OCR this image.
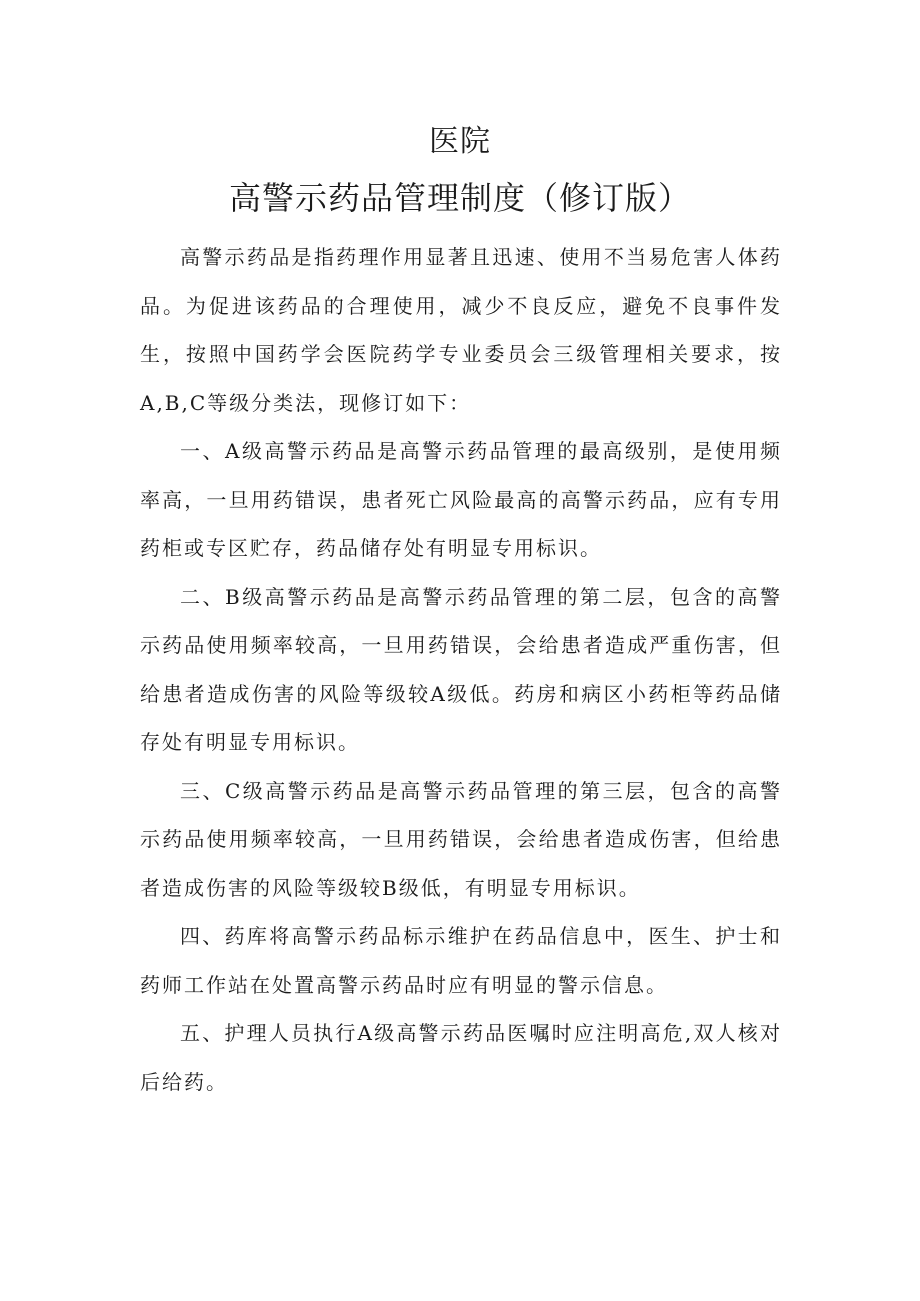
医院
高警示药品管理制度（修订版）

高警示药品是指药理作用显著且迅速、使用不当易危害人体药品。为促进该药品的合理使用，减少不良反应，避免不良事件发生，按照中国药学会医院药学专业委员会三级管理相关要求，按A,B,C等级分类法，现修订如下：

一、A级高警示药品是高警示药品管理的最高级别，是使用频率高，一旦用药错误，患者死亡风险最高的高警示药品，应有专用药柜或专区贮存，药品储存处有明显专用标识。

二、B级高警示药品是高警示药品管理的第二层，包含的高警示药品使用频率较高，一旦用药错误，会给患者造成严重伤害，但给患者造成伤害的风险等级较A级低。药房和病区小药柜等药品储存处有明显专用标识。

三、C级高警示药品是高警示药品管理的第三层，包含的高警示药品使用频率较高，一旦用药错误，会给患者造成伤害，但给患者造成伤害的风险等级较B级低，有明显专用标识。

四、药库将高警示药品标示维护在药品信息中，医生、护士和药师工作站在处置高警示药品时应有明显的警示信息。

五、护理人员执行A级高警示药品医嘱时应注明高危,双人核对后给药。
